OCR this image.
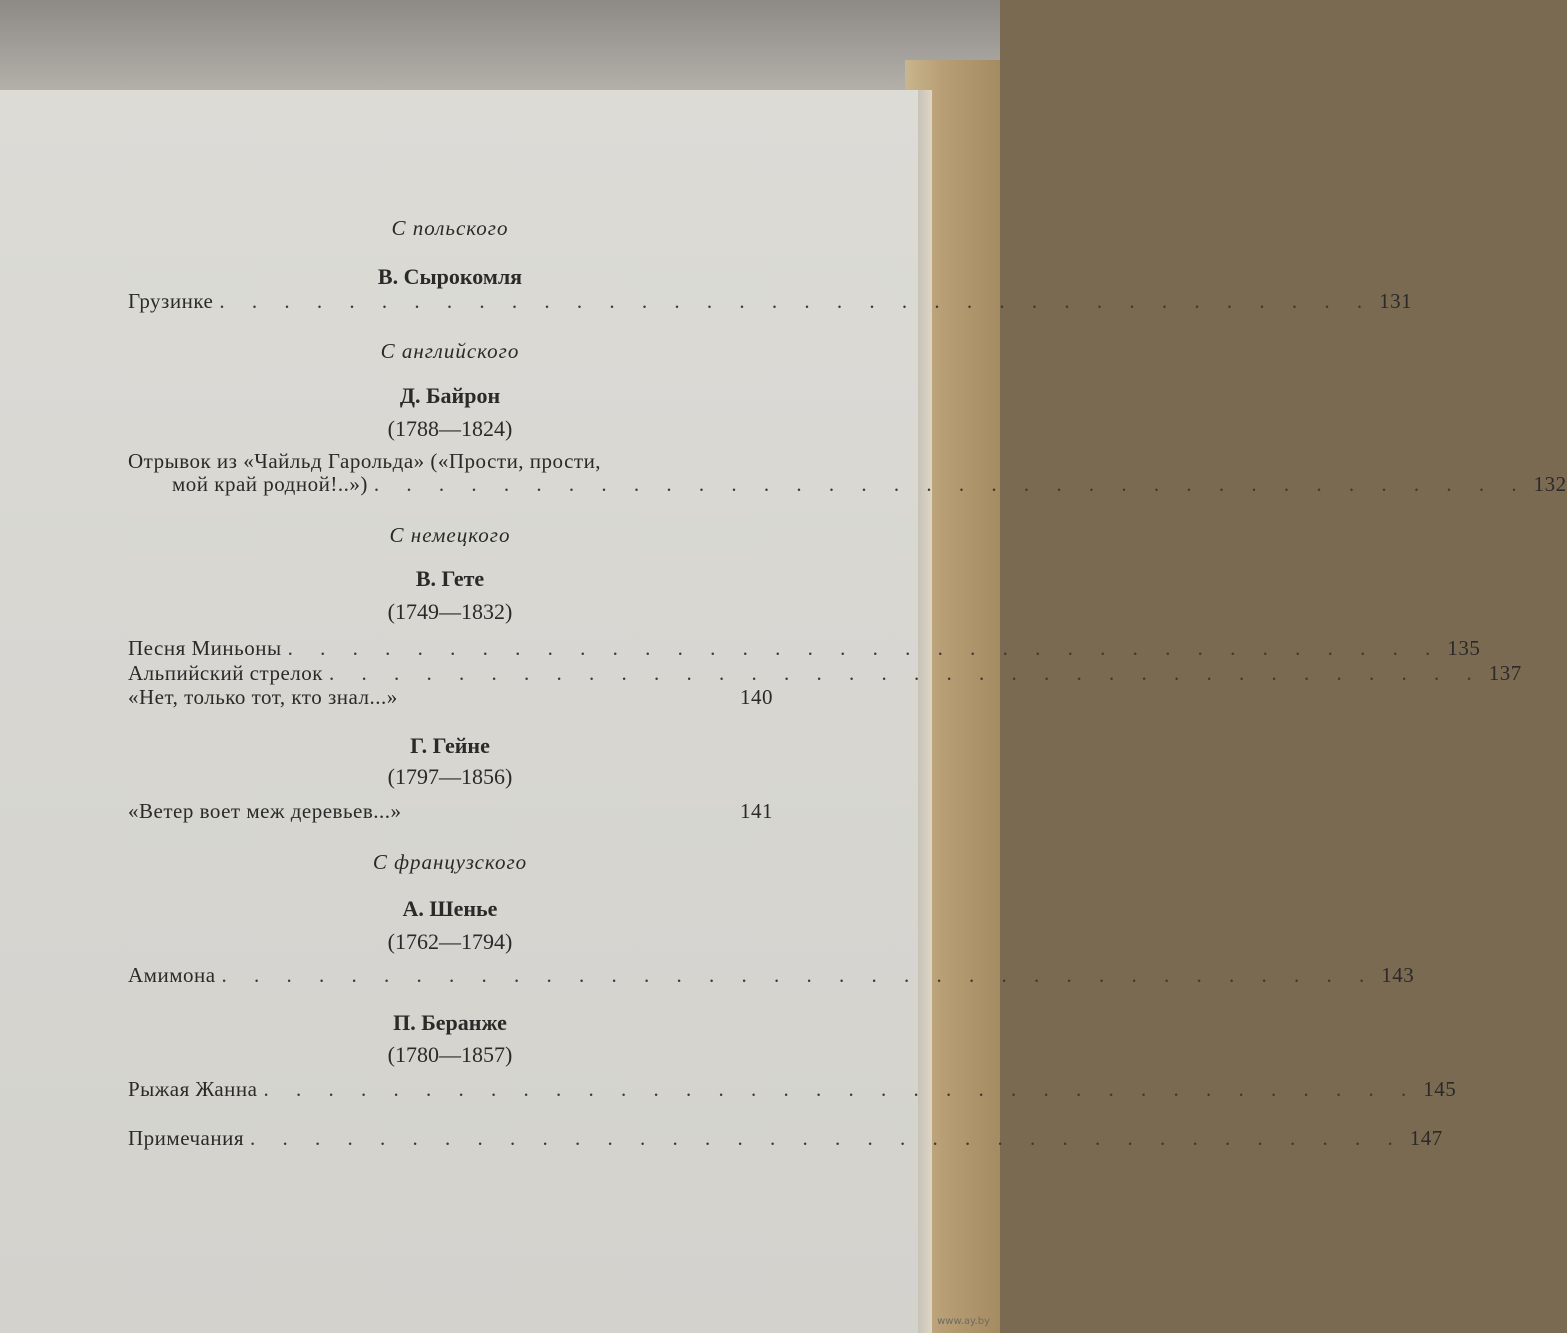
С польского
В. Сырокомля
Грузинке . . . . . . . . . . . . . . . . . . . . . . . . . . . . . . . . . . . . 131
С английского
Д. Байрон
(1788—1824)
Отрывок из «Чайльд Гарольда» («Прости, прости,
мой край родной!..») . . . . . . . . . . . . . . . . . . . . . . . . . . . . . . . . . . . . 132
С немецкого
В. Гете
(1749—1832)
Песня Миньоны . . . . . . . . . . . . . . . . . . . . . . . . . . . . . . . . . . . . 135
Альпийский стрелок . . . . . . . . . . . . . . . . . . . . . . . . . . . . . . . . . . . . 137
«Нет, только тот, кто знал...»	140
Г. Гейне
(1797—1856)
«Ветер воет меж деревьев...»	141
С французского
А. Шенье
(1762—1794)
Амимона . . . . . . . . . . . . . . . . . . . . . . . . . . . . . . . . . . . . 143
П. Беранже
(1780—1857)
Рыжая Жанна . . . . . . . . . . . . . . . . . . . . . . . . . . . . . . . . . . . . 145
Примечания . . . . . . . . . . . . . . . . . . . . . . . . . . . . . . . . . . . . 147
www.ay.by
